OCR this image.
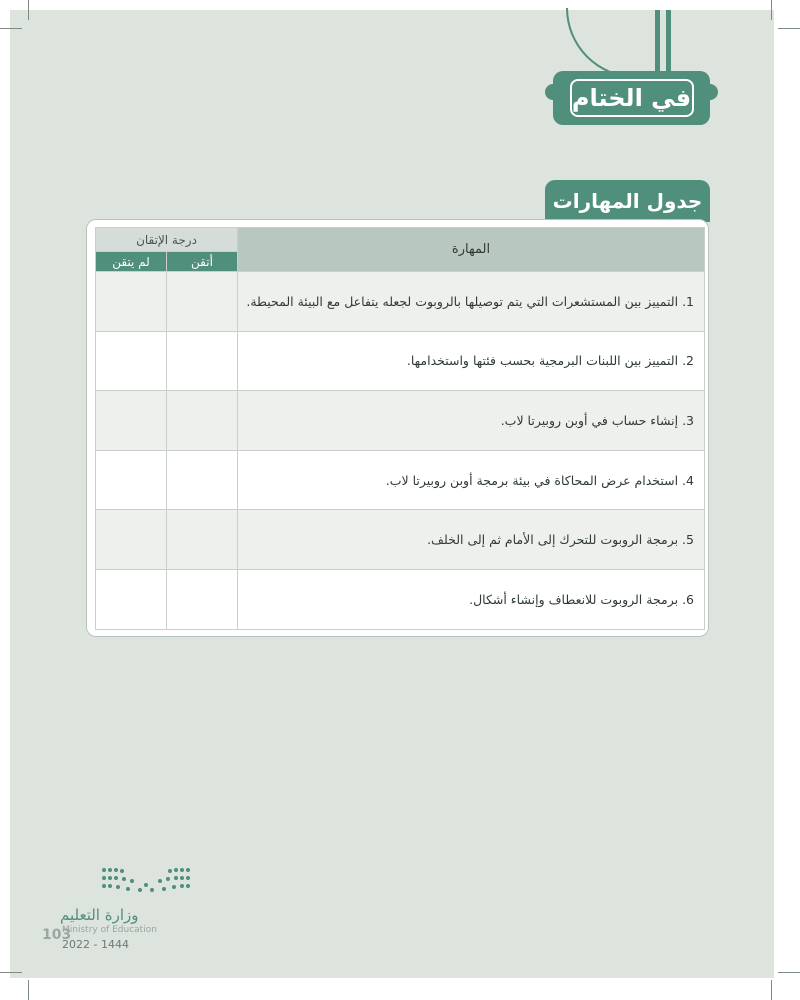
في الختام
جدول المهارات
درجة الإتقان		المهارة
لم يتقن	أتقن	
		1. التمييز بين المستشعرات التي يتم توصيلها بالروبوت لجعله يتفاعل مع البيئة المحيطة.
		2. التمييز بين اللبنات البرمجية بحسب فئتها واستخدامها.
		3. إنشاء حساب في أوبن روبيرتا لاب.
		4. استخدام عرض المحاكاة في بيئة برمجة أوبن روبيرتا لاب.
		5. برمجة الروبوت للتحرك إلى الأمام ثم إلى الخلف.
		6. برمجة الروبوت للانعطاف وإنشاء أشكال.
وزارة التعليم
Ministry of Education
2022 - 1444
103
